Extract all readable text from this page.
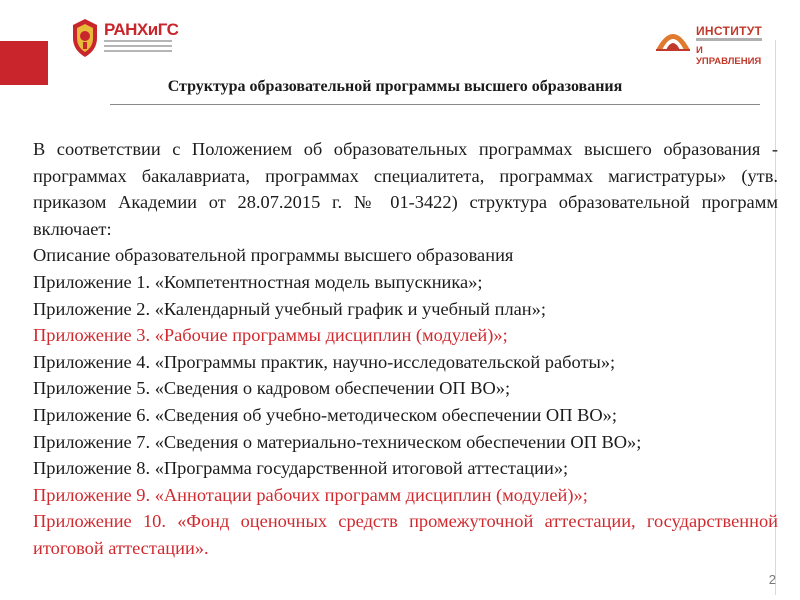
РАНХиГС	ИНСТИТУТ
И УПРАВЛЕНИЯ
Структура образовательной программы высшего образования

В соответствии с Положением об образовательных программах высшего образования - программах бакалавриата, программах специалитета, программах магистратуры» (утв. приказом Академии от 28.07.2015 г. № 01-3422) структура образовательной программ включает:

Описание образовательной программы высшего образования

Приложение 1. «Компетентностная модель выпускника»;

Приложение 2. «Календарный учебный график и учебный план»;

Приложение 3. «Рабочие программы дисциплин (модулей)»;

Приложение 4. «Программы практик, научно-исследовательской работы»;

Приложение 5. «Сведения о кадровом обеспечении ОП ВО»;

Приложение 6. «Сведения об учебно-методическом обеспечении ОП ВО»;

Приложение 7. «Сведения о материально-техническом обеспечении ОП ВО»;

Приложение 8. «Программа государственной итоговой аттестации»;

Приложение 9. «Аннотации рабочих программ дисциплин (модулей)»;

Приложение 10. «Фонд оценочных средств промежуточной аттестации, государственной итоговой аттестации».

2
